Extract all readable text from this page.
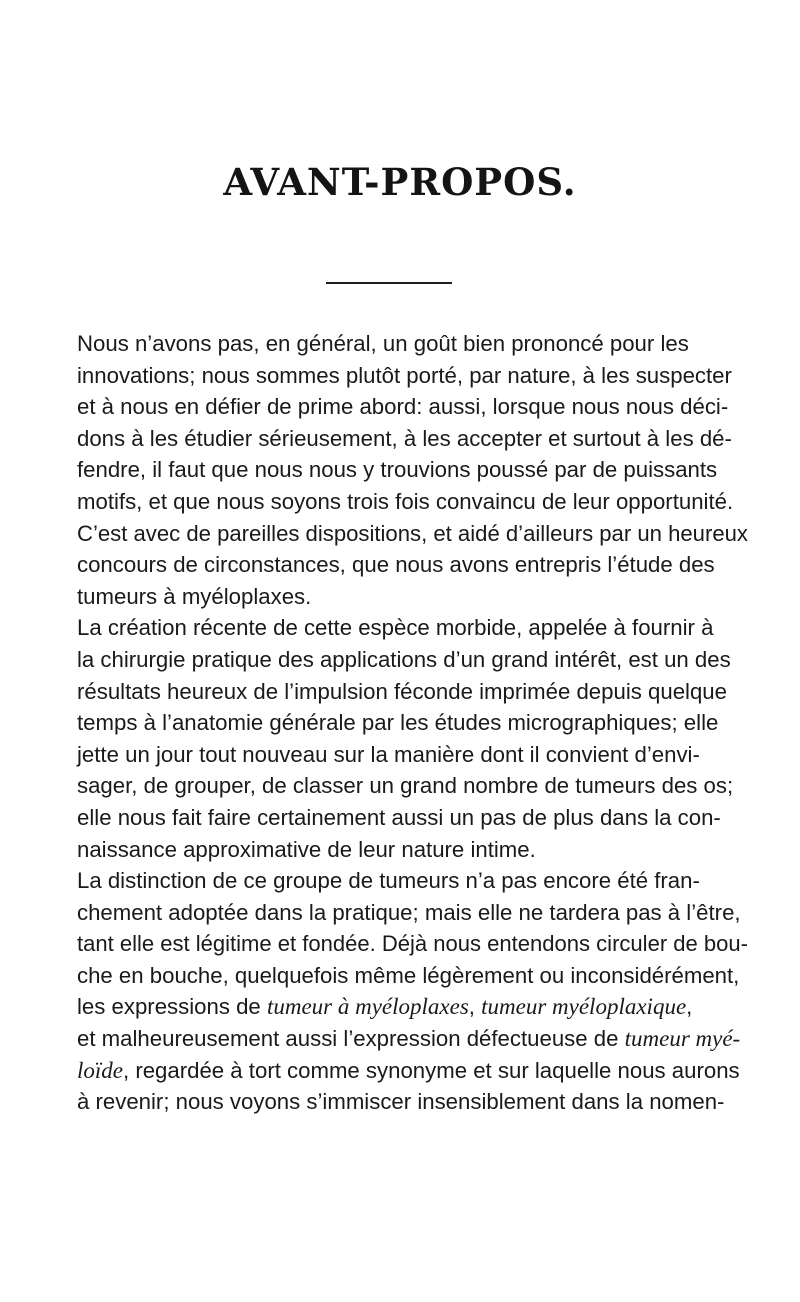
AVANT-PROPOS.
Nous n’avons pas, en général, un goût bien prononcé pour les
innovations; nous sommes plutôt porté, par nature, à les suspecter
et à nous en défier de prime abord: aussi, lorsque nous nous déci-
dons à les étudier sérieusement, à les accepter et surtout à les dé-
fendre, il faut que nous nous y trouvions poussé par de puissants
motifs, et que nous soyons trois fois convaincu de leur opportunité.
C’est avec de pareilles dispositions, et aidé d’ailleurs par un heureux
concours de circonstances, que nous avons entrepris l’étude des
tumeurs à myéloplaxes.
La création récente de cette espèce morbide, appelée à fournir à
la chirurgie pratique des applications d’un grand intérêt, est un des
résultats heureux de l’impulsion féconde imprimée depuis quelque
temps à l’anatomie générale par les études micrographiques; elle
jette un jour tout nouveau sur la manière dont il convient d’envi-
sager, de grouper, de classer un grand nombre de tumeurs des os;
elle nous fait faire certainement aussi un pas de plus dans la con-
naissance approximative de leur nature intime.
La distinction de ce groupe de tumeurs n’a pas encore été fran-
chement adoptée dans la pratique; mais elle ne tardera pas à l’être,
tant elle est légitime et fondée. Déjà nous entendons circuler de bou-
che en bouche, quelquefois même légèrement ou inconsidérément,
les expressions de tumeur à myéloplaxes, tumeur myéloplaxique,
et malheureusement aussi l’expression défectueuse de tumeur myé-
loïde, regardée à tort comme synonyme et sur laquelle nous aurons
à revenir; nous voyons s’immiscer insensiblement dans la nomen-
